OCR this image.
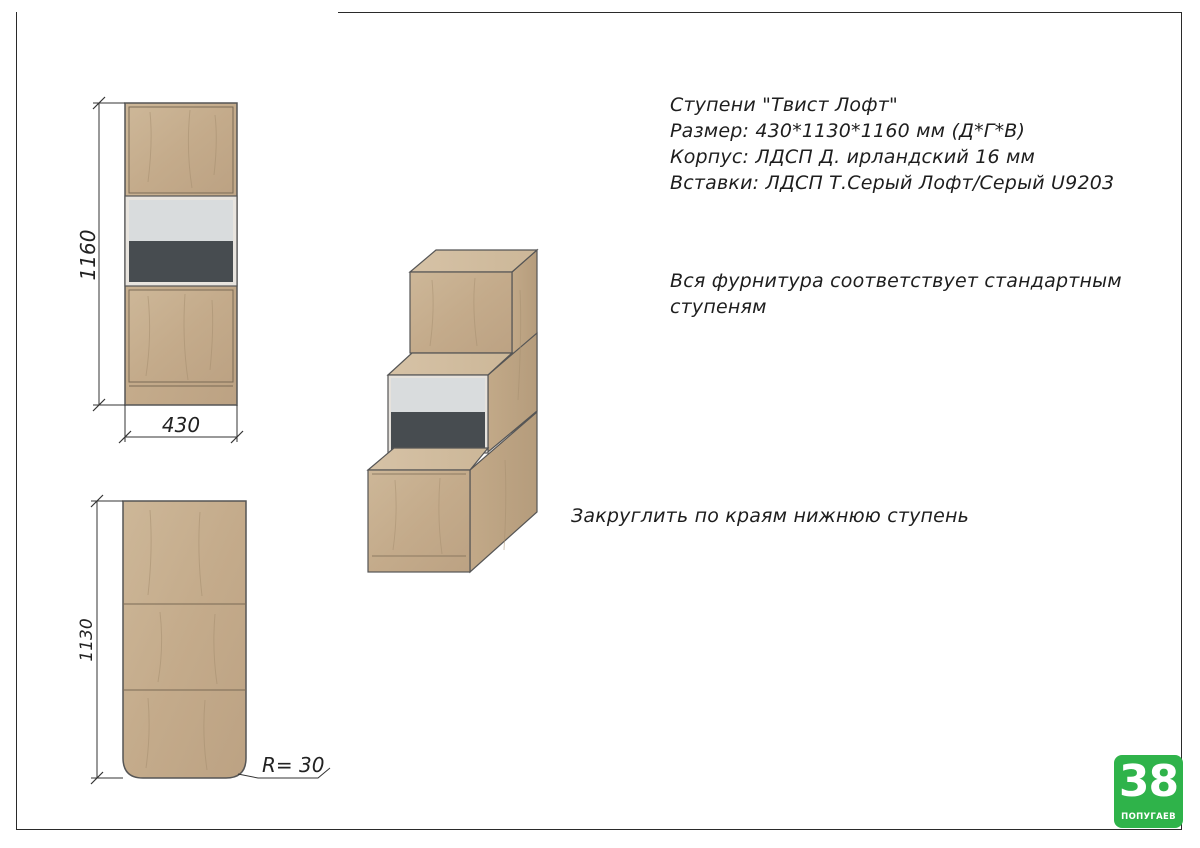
1160
430
1130
R= 30
Ступени "Твист Лофт"
Размер: 430*1130*1160 мм (Д*Г*В)
Корпус: ЛДСП Д. ирландский 16 мм
Вставки: ЛДСП Т.Серый Лофт/Серый U9203
Вся фурнитура соответствует стандартным
ступеням
Закруглить по краям нижнюю ступень
38
ПОПУГАЕВ
